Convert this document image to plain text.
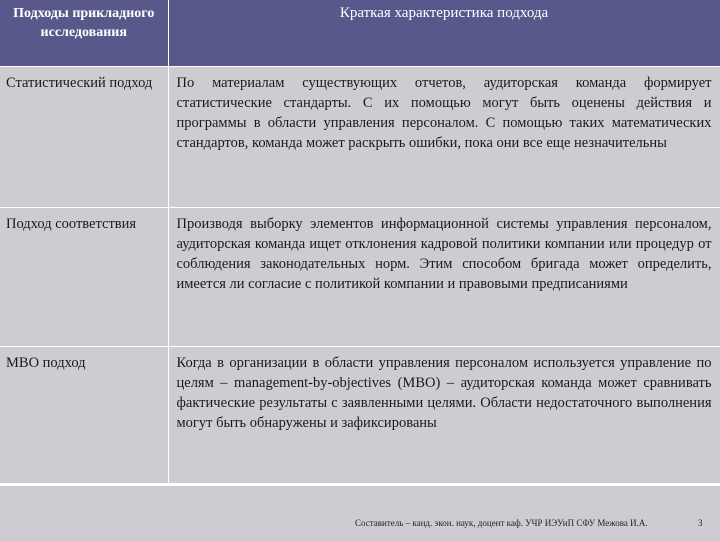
Подходы прикладного исследования	Краткая характеристика подхода
Статистический подход	По материалам существующих отчетов, аудиторская команда формирует статистические стандарты. С их помощью могут быть оценены действия и программы в области управления персоналом. С помощью таких математических стандартов, команда может раскрыть ошибки, пока они все еще незначительны
Подход соответствия	Производя выборку элементов информационной системы управления персоналом, аудиторская команда ищет отклонения кадровой политики компании или процедур от соблюдения законодательных норм. Этим способом бригада может определить, имеется ли согласие с политикой компании и правовыми предписаниями
МВО подход	Когда в организации в области управления персоналом используется управление по целям – management-by-objectives (MBO) – аудиторская команда может сравнивать фактические результаты с заявленными целями. Области недостаточного выполнения могут быть обнаружены и зафиксированы
Составитель – канд. экон. наук, доцент каф. УЧР ИЭУиП СФУ Межова И.А.	3
